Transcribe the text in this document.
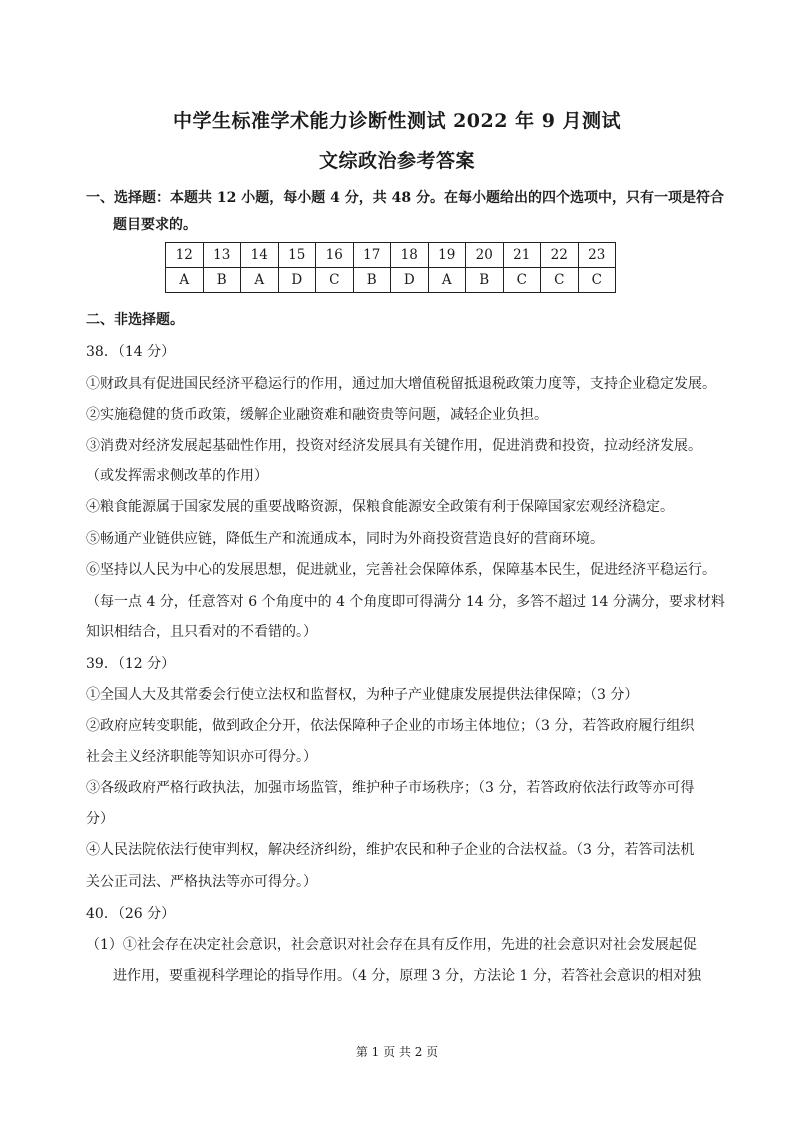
中学生标准学术能力诊断性测试 2022 年 9 月测试
文综政治参考答案
一、选择题：本题共 12 小题，每小题 4 分，共 48 分。在每小题给出的四个选项中，只有一项是符合
题目要求的。
12	13	14	15	16	17	18	19	20	21	22	23
A	B	A	D	C	B	D	A	B	C	C	C
二、非选择题。
38．（14 分）
①财政具有促进国民经济平稳运行的作用，通过加大增值税留抵退税政策力度等，支持企业稳定发展。
②实施稳健的货币政策，缓解企业融资难和融资贵等问题，减轻企业负担。
③消费对经济发展起基础性作用，投资对经济发展具有关键作用，促进消费和投资，拉动经济发展。
（或发挥需求侧改革的作用）
④粮食能源属于国家发展的重要战略资源，保粮食能源安全政策有利于保障国家宏观经济稳定。
⑤畅通产业链供应链，降低生产和流通成本，同时为外商投资营造良好的营商环境。
⑥坚持以人民为中心的发展思想，促进就业，完善社会保障体系，保障基本民生，促进经济平稳运行。
（每一点 4 分，任意答对 6 个角度中的 4 个角度即可得满分 14 分，多答不超过 14 分满分，要求材料
知识相结合，且只看对的不看错的。）
39．（12 分）
①全国人大及其常委会行使立法权和监督权，为种子产业健康发展提供法律保障；（3 分）
②政府应转变职能，做到政企分开，依法保障种子企业的市场主体地位；（3 分，若答政府履行组织
社会主义经济职能等知识亦可得分。）
③各级政府严格行政执法，加强市场监管，维护种子市场秩序；（3 分，若答政府依法行政等亦可得
分）
④人民法院依法行使审判权，解决经济纠纷，维护农民和种子企业的合法权益。（3 分，若答司法机
关公正司法、严格执法等亦可得分。）
40．（26 分）
（1）①社会存在决定社会意识，社会意识对社会存在具有反作用，先进的社会意识对社会发展起促
进作用，要重视科学理论的指导作用。（4 分，原理 3 分，方法论 1 分，若答社会意识的相对独
第 1 页 共 2 页
